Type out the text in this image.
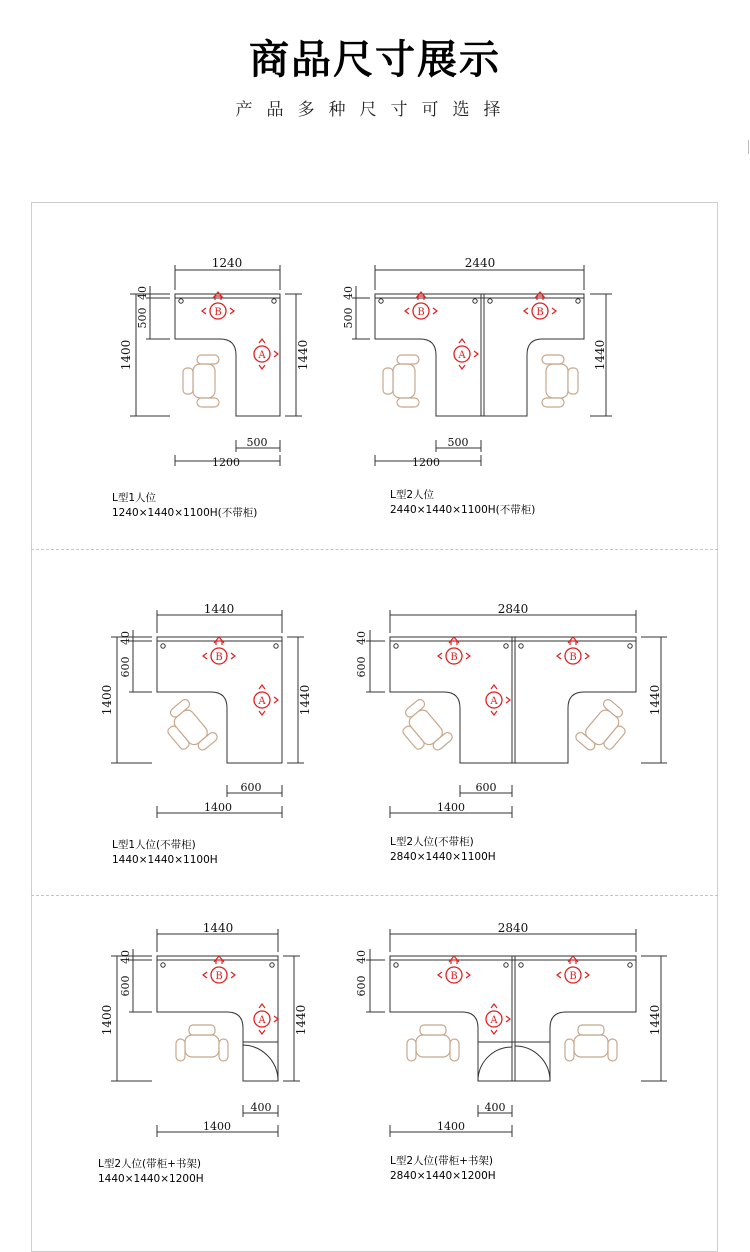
商品尺寸展示
产品多种尺寸可选择
B
A
1240
40
500
1400	1440
500
1200
L型1人位
1240×1440×1100H(不带柜)
B	B
A
2440
40
500
1440
500
1200
L型2人位
2440×1440×1100H(不带柜)
B
A
1440
40
600
1400	1440
600
1400
L型1人位(不带柜)
1440×1440×1100H
B	B
A
2840
40
600
1440
600
1400
L型2人位(不带柜)
2840×1440×1100H
B
A
1440
40
600
1400	1440
400
1400
L型2人位(带柜+书架)
1440×1440×1200H
B	B
A
2840
40
600
1440
400
1400
L型2人位(带柜+书架)
2840×1440×1200H
